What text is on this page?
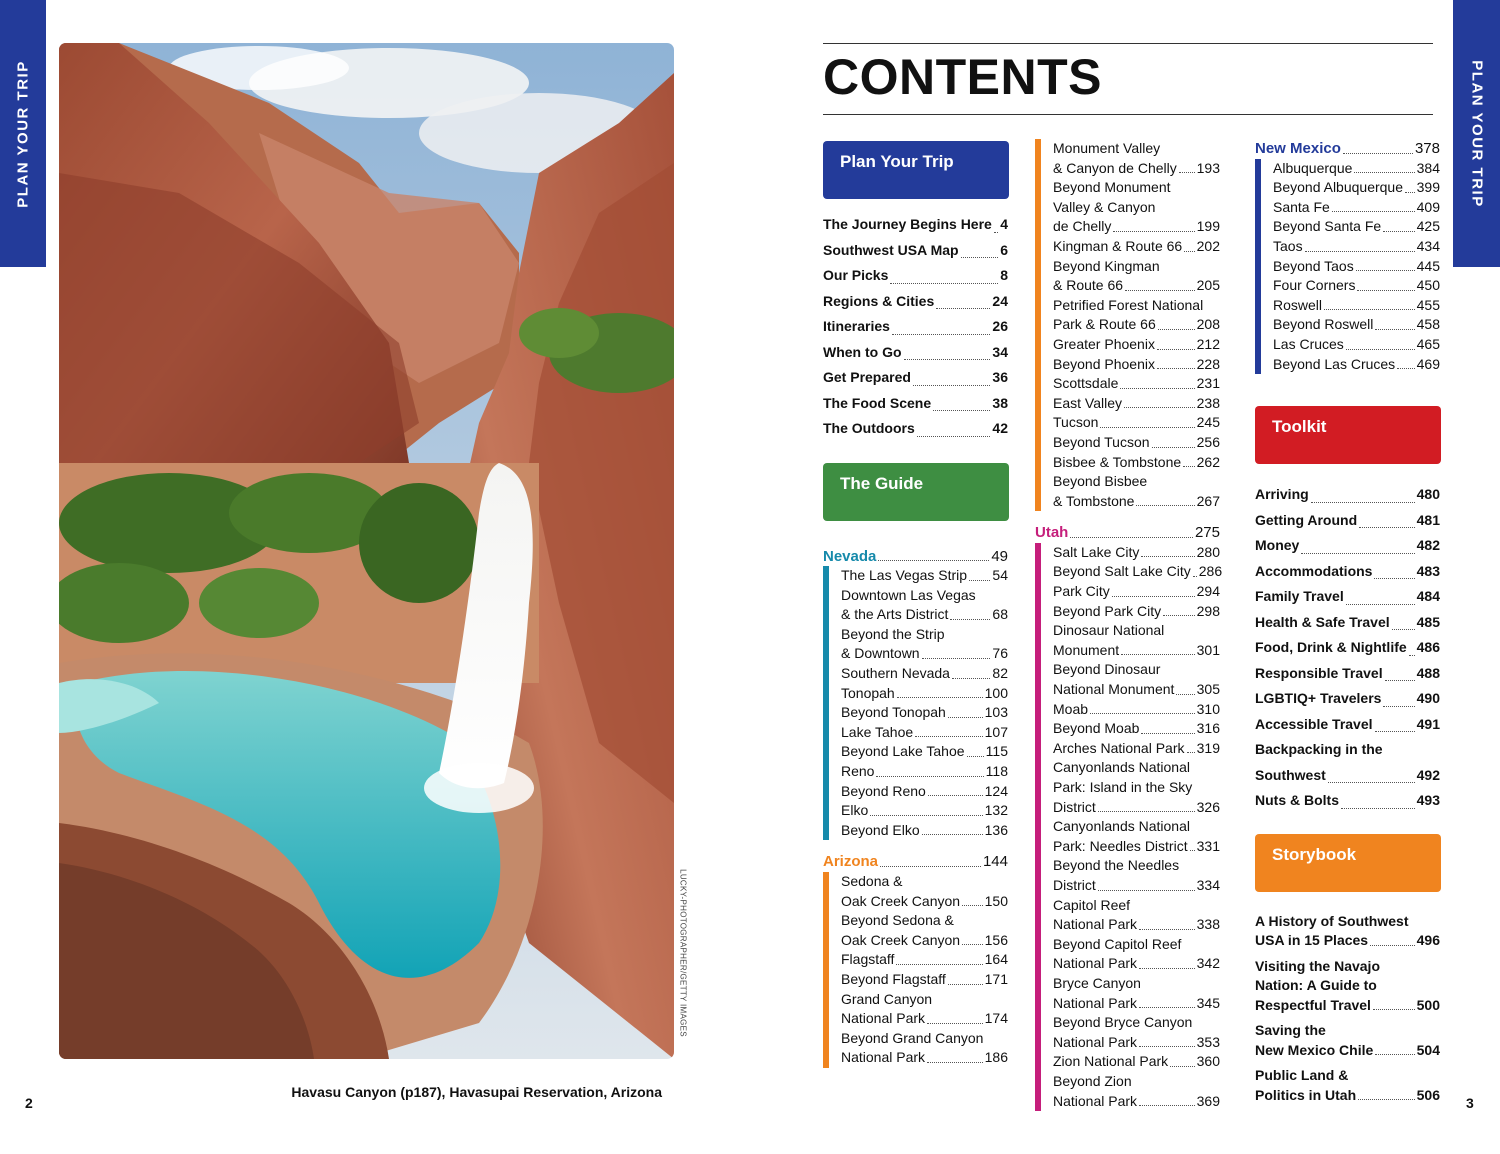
PLAN YOUR TRIP
LUCKY-PHOTOGRAPHER/GETTY IMAGES
Havasu Canyon (p187), Havasupai Reservation, Arizona
2
PLAN YOUR TRIP
3
CONTENTS
Plan Your Trip
The Journey Begins Here 4
Southwest USA Map	6
Our Picks	8
Regions & Cities	24
Itineraries	26
When to Go	34
Get Prepared	36
The Food Scene	38
The Outdoors	42
The Guide
Nevada	49
The Las Vegas Strip 54
Downtown Las Vegas
& the Arts District	68
Beyond the Strip
& Downtown	76
Southern Nevada	82
Tonopah	100
Beyond Tonopah	103
Lake Tahoe	107
Beyond Lake Tahoe 115
Reno	118
Beyond Reno	124
Elko	132
Beyond Elko	136
Arizona	144
Sedona &
Oak Creek Canyon 150
Beyond Sedona &
Oak Creek Canyon 156
Flagstaff	164
Beyond Flagstaff	171
Grand Canyon
National Park	174
Beyond Grand Canyon
National Park	186
Monument Valley
& Canyon de Chelly 193
Beyond Monument
Valley & Canyon
de Chelly	199
Kingman & Route 66 202
Beyond Kingman
& Route 66	205
Petrified Forest National
Park & Route 66	208
Greater Phoenix	212
Beyond Phoenix	228
Scottsdale	231
East Valley	238
Tucson	245
Beyond Tucson	256
Bisbee & Tombstone 262
Beyond Bisbee
& Tombstone	267
Utah	275
Salt Lake City	280
Beyond Salt Lake City 286
Park City	294
Beyond Park City	298
Dinosaur National
Monument	301
Beyond Dinosaur
National Monument 305
Moab	310
Beyond Moab	316
Arches National Park 319
Canyonlands National
Park: Island in the Sky
District	326
Canyonlands National
Park: Needles District 331
Beyond the Needles
District	334
Capitol Reef
National Park	338
Beyond Capitol Reef
National Park	342
Bryce Canyon
National Park	345
Beyond Bryce Canyon
National Park	353
Zion National Park 360
Beyond Zion
National Park	369
New Mexico	378
Albuquerque	384
Beyond Albuquerque 399
Santa Fe	409
Beyond Santa Fe	425
Taos	434
Beyond Taos	445
Four Corners	450
Roswell	455
Beyond Roswell	458
Las Cruces	465
Beyond Las Cruces 469
Toolkit
Arriving	480
Getting Around	481
Money	482
Accommodations	483
Family Travel	484
Health & Safe Travel 485
Food, Drink & Nightlife 486
Responsible Travel 488
LGBTIQ+ Travelers	490
Accessible Travel	491
Backpacking in the
Southwest	492
Nuts & Bolts	493
Storybook
A History of Southwest
USA in 15 Places	496
Visiting the Navajo
Nation: A Guide to
Respectful Travel	500
Saving the
New Mexico Chile	504
Public Land &
Politics in Utah	506
